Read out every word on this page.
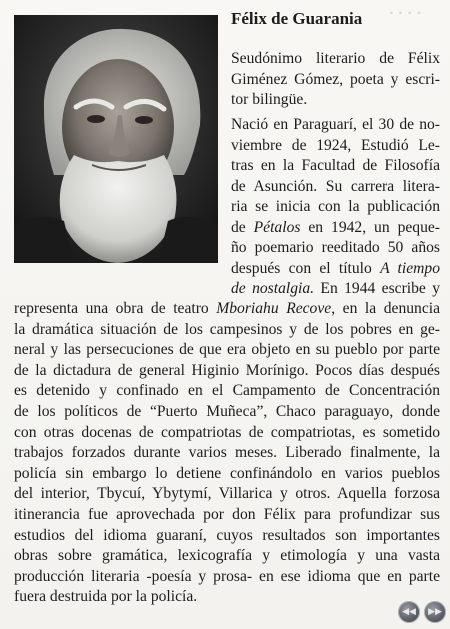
• • • •
Félix de Guarania
Seudónimo literario de Félix
Giménez Gómez, poeta y escri-
tor bilingüe.
Nació en Paraguarí, el 30 de no-
viembre de 1924, Estudió Le-
tras en la Facultad de Filosofía
de Asunción. Su carrera litera-
ria se inicia con la publicación
de Pétalos en 1942, un peque-
ño poemario reeditado 50 años
después con el título A tiempo
de nostalgia. En 1944 escribe y
representa una obra de teatro Mboriahu Recove, en la denuncia
la dramática situación de los campesinos y de los pobres en ge-
neral y las persecuciones de que era objeto en su pueblo por parte
de la dictadura de general Higinio Morínigo. Pocos días después
es detenido y confinado en el Campamento de Concentración
de los políticos de “Puerto Muñeca”, Chaco paraguayo, donde
con otras docenas de compatriotas de compatriotas, es sometido
trabajos forzados durante varios meses. Liberado finalmente, la
policía sin embargo lo detiene confinándolo en varios pueblos
del interior, Tbycuí, Ybytymí, Villarica y otros. Aquella forzosa
itinerancia fue aprovechada por don Félix para profundizar sus
estudios del idioma guaraní, cuyos resultados son importantes
obras sobre gramática, lexicografía y etimología y una vasta
producción literaria -poesía y prosa- en ese idioma que en parte
fuera destruida por la policía.
◀◀ ▶▶
